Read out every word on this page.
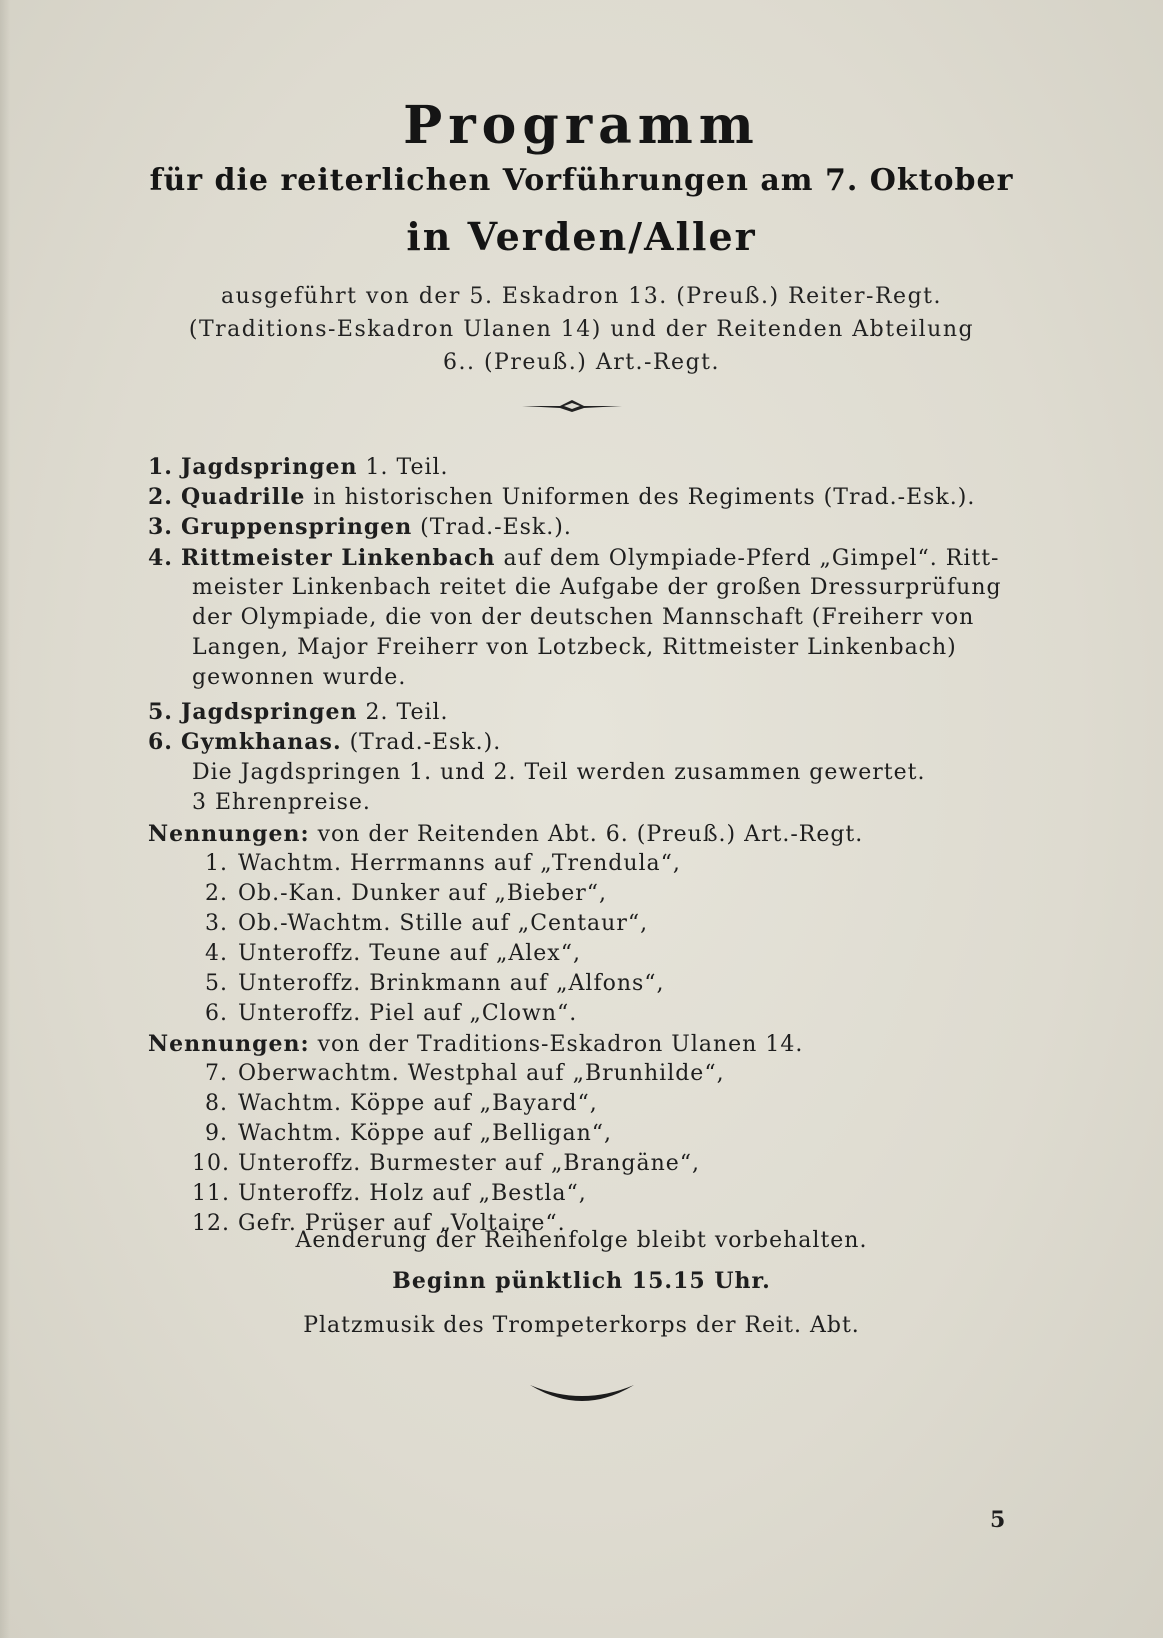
Programm
für die reiterlichen Vorführungen am 7. Oktober
in Verden/Aller
ausgeführt von der 5. Eskadron 13. (Preuß.) Reiter-Regt.
(Traditions-Eskadron Ulanen 14) und der Reitenden Abteilung
6.. (Preuß.) Art.-Regt.
1. Jagdspringen 1. Teil.
2. Quadrille in historischen Uniformen des Regiments (Trad.-Esk.).
3. Gruppenspringen (Trad.-Esk.).
4. Rittmeister Linkenbach auf dem Olympiade-Pferd „Gimpel“. Ritt-
meister Linkenbach reitet die Aufgabe der großen Dressurprüfung
der Olympiade, die von der deutschen Mannschaft (Freiherr von
Langen, Major Freiherr von Lotzbeck, Rittmeister Linkenbach)
gewonnen wurde.
5. Jagdspringen 2. Teil.
6. Gymkhanas. (Trad.-Esk.).
Die Jagdspringen 1. und 2. Teil werden zusammen gewertet.
3 Ehrenpreise.
Nennungen: von der Reitenden Abt. 6. (Preuß.) Art.-Regt.
1. Wachtm. Herrmanns auf „Trendula“,
2. Ob.-Kan. Dunker auf „Bieber“,
3. Ob.-Wachtm. Stille auf „Centaur“,
4. Unteroffz. Teune auf „Alex“,
5. Unteroffz. Brinkmann auf „Alfons“,
6. Unteroffz. Piel auf „Clown“.
Nennungen: von der Traditions-Eskadron Ulanen 14.
7. Oberwachtm. Westphal auf „Brunhilde“,
8. Wachtm. Köppe auf „Bayard“,
9. Wachtm. Köppe auf „Belligan“,
10. Unteroffz. Burmester auf „Brangäne“,
11. Unteroffz. Holz auf „Bestla“,
12. Gefr. Prüser auf „Voltaire“.
Aenderung der Reihenfolge bleibt vorbehalten.
Beginn pünktlich 15.15 Uhr.
Platzmusik des Trompeterkorps der Reit. Abt.
5
